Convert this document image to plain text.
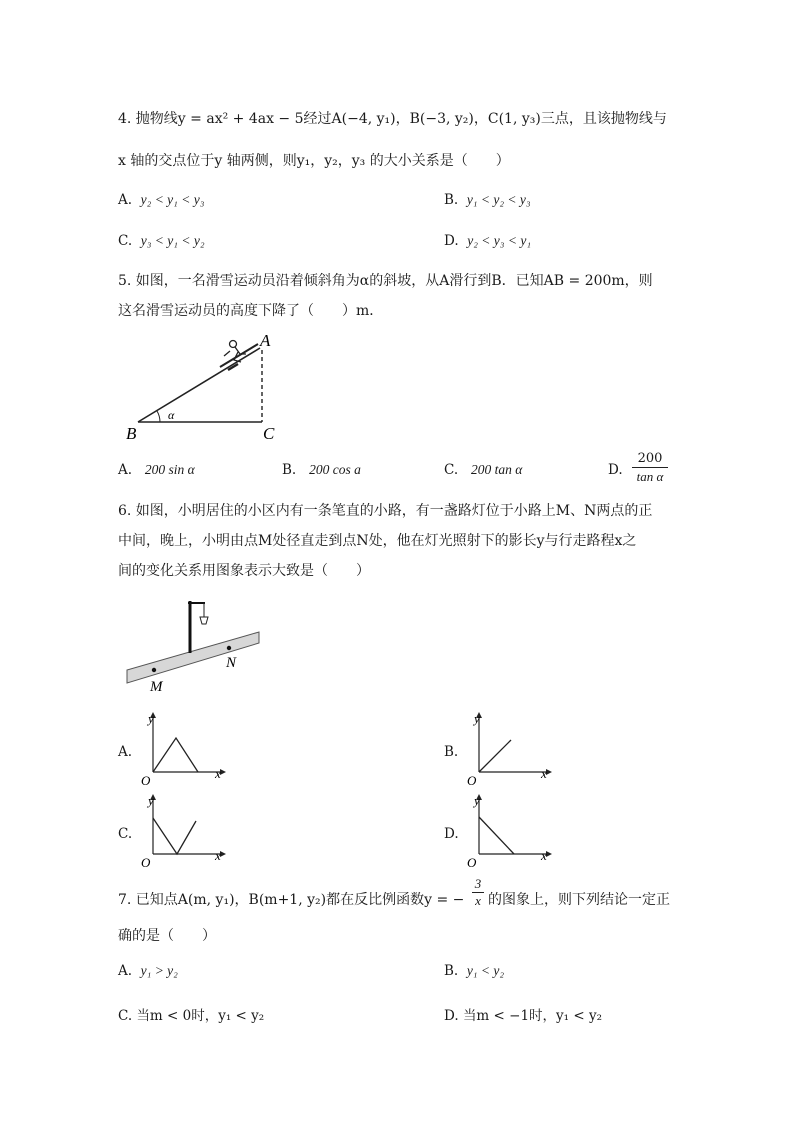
4. 抛物线y = ax² + 4ax − 5经过A(−4, y₁)，B(−3, y₂)，C(1, y₃)三点，且该抛物线与
x 轴的交点位于y 轴两侧，则y₁，y₂，y₃ 的大小关系是（　　）
A. y₂ < y₁ < y₃	B. y₁ < y₂ < y₃
C. y₃ < y₁ < y₂	D. y₂ < y₃ < y₁
5. 如图，一名滑雪运动员沿着倾斜角为α的斜坡，从A滑行到B．已知AB = 200m，则
这名滑雪运动员的高度下降了（　　）m．
A
B	C
α
A. 200 sin α	B. 200 cos a	C. 200 tan α	D. $\frac{200}{\text{tan α}}$
6. 如图，小明居住的小区内有一条笔直的小路，有一盏路灯位于小路上M、N两点的正
中间，晚上，小明由点M处径直走到点N处，他在灯光照射下的影长y与行走路程x之
间的变化关系用图象表示大致是（　　）
M
N
A.
y
x
O
B.
y
x
O
C.
y
x
O
D.
y
x
O
7. 已知点A(m, y₁)，B(m+1, y₂)都在反比例函数y = − $\frac{3}{x}$ 的图象上，则下列结论一定正
确的是（　　）
A. y₁ > y₂	B. y₁ < y₂
C. 当m < 0时，y₁ < y₂	D. 当m < −1时，y₁ < y₂
